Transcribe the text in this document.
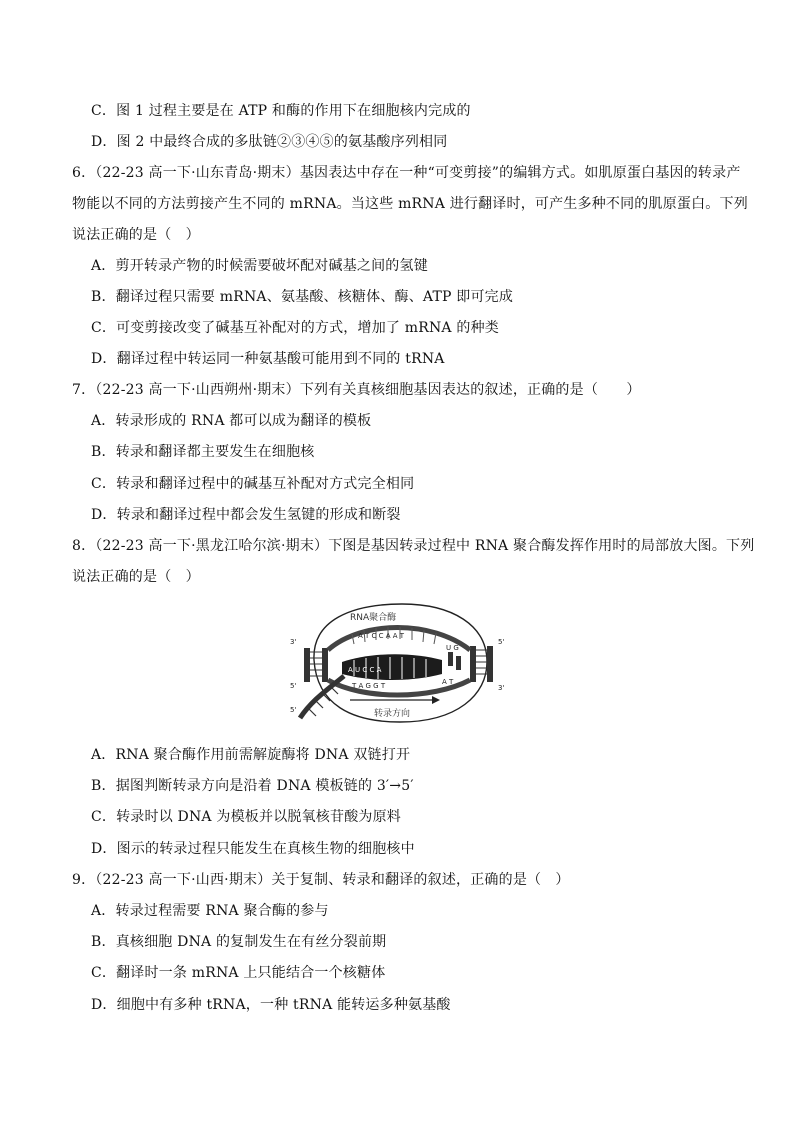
C．图 1 过程主要是在 ATP 和酶的作用下在细胞核内完成的
D．图 2 中最终合成的多肽链②③④⑤的氨基酸序列相同
6．（22-23 高一下·山东青岛·期末）基因表达中存在一种“可变剪接”的编辑方式。如肌原蛋白基因的转录产
物能以不同的方法剪接产生不同的 mRNA。当这些 mRNA 进行翻译时，可产生多种不同的肌原蛋白。下列
说法正确的是（　）
A．剪开转录产物的时候需要破坏配对碱基之间的氢键
B．翻译过程只需要 mRNA、氨基酸、核糖体、酶、ATP 即可完成
C．可变剪接改变了碱基互补配对的方式，增加了 mRNA 的种类
D．翻译过程中转运同一种氨基酸可能用到不同的 tRNA
7．（22-23 高一下·山西朔州·期末）下列有关真核细胞基因表达的叙述，正确的是（　　）
A．转录形成的 RNA 都可以成为翻译的模板
B．转录和翻译都主要发生在细胞核
C．转录和翻译过程中的碱基互补配对方式完全相同
D．转录和翻译过程中都会发生氢键的形成和断裂
8．（22-23 高一下·黑龙江哈尔滨·期末）下图是基因转录过程中 RNA 聚合酶发挥作用时的局部放大图。下列
说法正确的是（　）
RNA聚合酶
A T C C A A T
T A G G T
A U C C A
U G
A T
转录方向
3'
5'
5'
5'
3'
A．RNA 聚合酶作用前需解旋酶将 DNA 双链打开
B．据图判断转录方向是沿着 DNA 模板链的 3′→5′
C．转录时以 DNA 为模板并以脱氧核苷酸为原料
D．图示的转录过程只能发生在真核生物的细胞核中
9．（22-23 高一下·山西·期末）关于复制、转录和翻译的叙述，正确的是（　）
A．转录过程需要 RNA 聚合酶的参与
B．真核细胞 DNA 的复制发生在有丝分裂前期
C．翻译时一条 mRNA 上只能结合一个核糖体
D．细胞中有多种 tRNA，一种 tRNA 能转运多种氨基酸
